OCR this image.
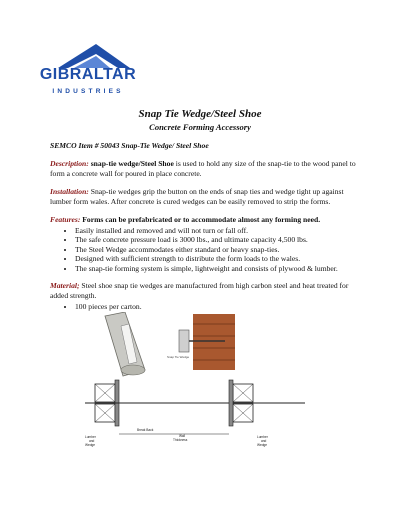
GIBRALTAR
INDUSTRIES
Snap Tie Wedge/Steel Shoe
Concrete Forming Accessory

SEMCO Item # 50043 Snap-Tie Wedge/ Steel Shoe

Description: snap-tie wedge/Steel Shoe is used to hold any size of the snap-tie to the wood panel to form a concrete wall for poured in place concrete.

Installation: Snap-tie wedges grip the button on the ends of snap ties and wedge tight up against lumber form wales. After concrete is cured wedges can be easily removed to strip the forms.

Features: Forms can be prefabricated or to accommodate almost any forming need.

• Easily installed and removed and will not turn or fall off.
• The safe concrete pressure load is 3000 lbs., and ultimate capacity 4,500 lbs.
• The Steel Wedge accommodates either standard or heavy snap-ties.
• Designed with sufficient strength to distribute the form loads to the wales.
• The snap-tie forming system is simple, lightweight and consists of plywood & lumber.

Material; Steel shoe snap tie wedges are manufactured from high carbon steel and heat treated for added strength.

• 100 pieces per carton.
Snap Tie Wedge
Lumber
and
Wedge
Break Back
Wall
Thickness
Lumber
and
Wedge
